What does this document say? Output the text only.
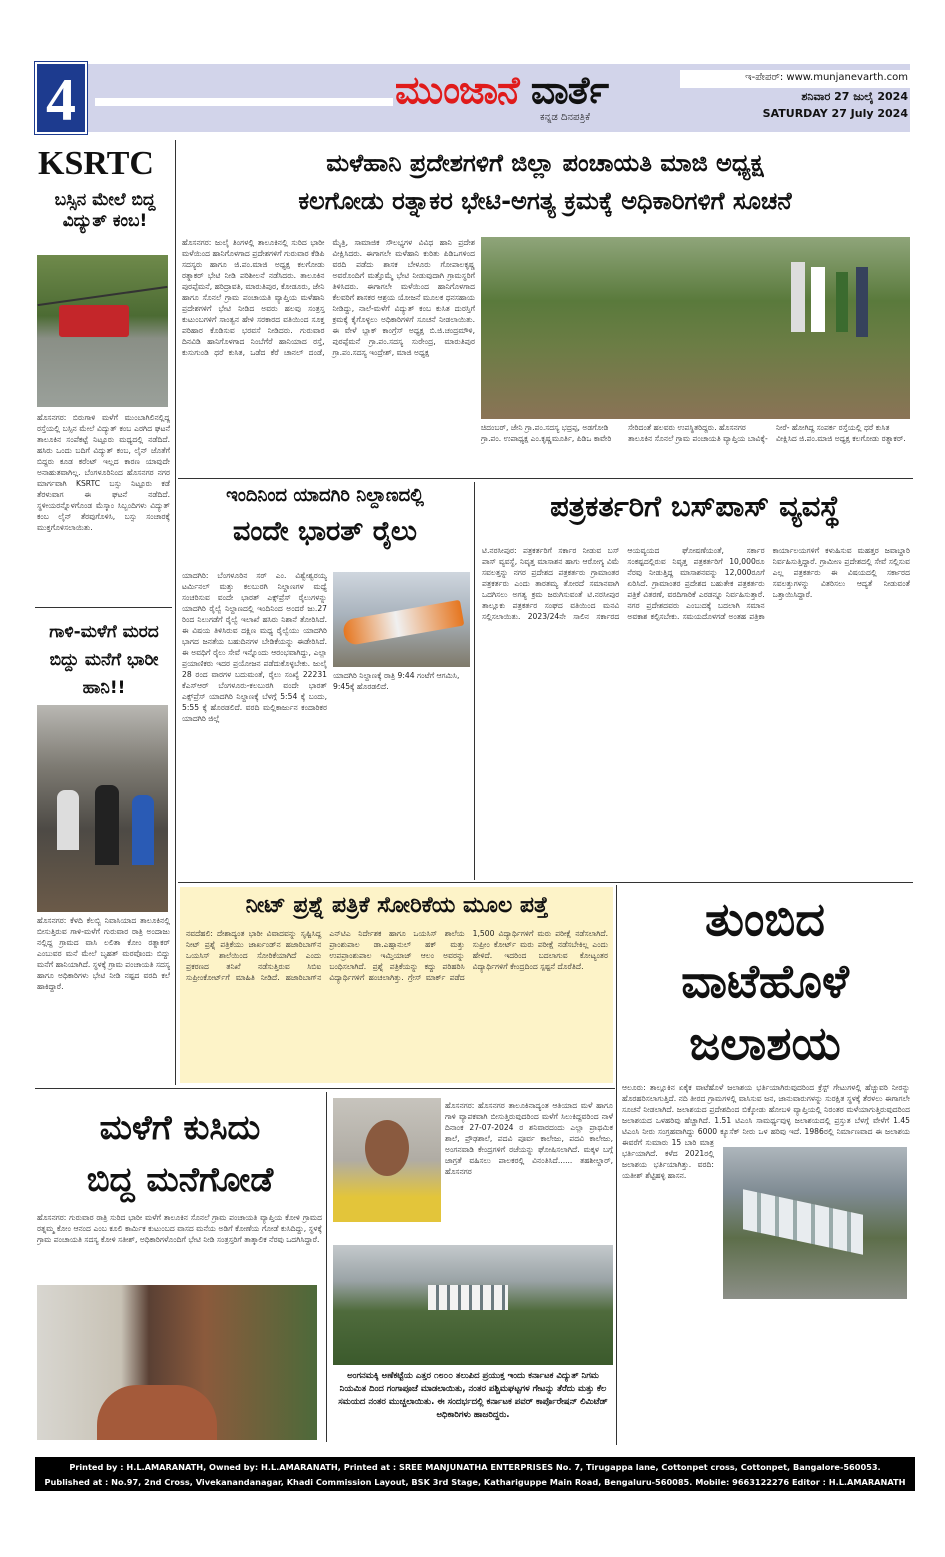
4	ಮುಂಜಾನೆ ವಾರ್ತೆ
ಕನ್ನಡ ದಿನಪತ್ರಿಕೆ
ಇ-ಪೇಪರ್: www.munjanevarth.com
ಶನಿವಾರ 27 ಜುಲೈ 2024
SATURDAY 27 July 2024
KSRTC
ಬಸ್ಸಿನ ಮೇಲೆ ಬಿದ್ದ ವಿದ್ಯುತ್ ಕಂಬ!
ಹೊಸನಗರ: ಬಿರುಗಾಳಿ ಮಳೆಗೆ ಮುಂಬಾಗಿಲಿನಲ್ಲಿದ್ದ ರಸ್ತೆಯಲ್ಲಿ ಬಸ್ಸಿನ ಮೇಲೆ ವಿದ್ಯುತ್ ಕಂಬ ಎರಗಿದ ಘಟನೆ ತಾಲೂಕಿನ ಸಂಪೆಕಟ್ಟೆ ನಿಟ್ಟೂರು ಮಧ್ಯದಲ್ಲಿ ನಡೆದಿದೆ. ಹಸಿರು ಒಂದು ಬದಿಗೆ ವಿದ್ಯುತ್ ಕಂಬ, ಲೈನ್ ಜೊತೆಗೆ ಬಿದ್ದರು ಕೂಡ ಕರೆಂಟ್ ಇಲ್ಲದ ಕಾರಣ ಯಾವುದೇ ಅನಾಹುತವಾಗಿಲ್ಲ. ಬೆಂಗಳೂರಿನಿಂದ ಹೊಸನಗರ ನಗರ ಮಾರ್ಗವಾಗಿ KSRTC ಬಸ್ಸು ನಿಟ್ಟೂರು ಕಡೆ ತೆರಳುವಾಗ ಈ ಘಟನೆ ನಡೆದಿದೆ. ಸ್ಥಳೀಯರನ್ನೊಳಗೊಂಡ ಮೆಸ್ಕಾಂ ಸಿಬ್ಬಂದಿಗಳು ವಿದ್ಯುತ್ ಕಂಬ ಲೈನ್ ತೆರವುಗೊಳಿಸಿ, ಬಸ್ಸು ಸಂಚಾರಕ್ಕೆ ಮುಕ್ತಗೊಳಿಸಲಾಯಿತು.
ಗಾಳಿ-ಮಳೆಗೆ ಮರದ ಬಿದ್ದು ಮನೆಗೆ ಭಾರೀ ಹಾನಿ!!
ಹೊಸನಗರ: ಕೆಳದಿ ಕೆಲಬ್ಬಿ ನಿವಾಸಿಯಾದ ತಾಲೂಕಿನಲ್ಲಿ ಬೀಸುತ್ತಿರುವ ಗಾಳಿ-ಮಳೆಗೆ ಗುರುವಾರ ರಾತ್ರಿ ಅಂದಾಜು ನಲ್ಲಿದ್ದ ಗ್ರಾಮದ ವಾಸಿ ಲಲಿತಾ ಕೋಂ ರತ್ನಾಕರ್ ಎಂಬುವರ ಮನೆ ಮೇಲೆ ಬೃಹತ್ ಮರವೊಂದು ಬಿದ್ದು ಮನೆಗೆ ಹಾನಿಯಾಗಿದೆ. ಸ್ಥಳಕ್ಕೆ ಗ್ರಾಮ ಪಂಚಾಯತಿ ಸದಸ್ಯ ಹಾಗೂ ಅಧಿಕಾರಿಗಳು ಭೇಟಿ ನೀಡಿ ನಷ್ಟದ ವರದಿ ಕಲೆ ಹಾಕಿದ್ದಾರೆ.
ಮಳೆಹಾನಿ ಪ್ರದೇಶಗಳಿಗೆ ಜಿಲ್ಲಾ ಪಂಚಾಯತಿ ಮಾಜಿ ಅಧ್ಯಕ್ಷ
ಕಲಗೋಡು ರತ್ನಾಕರ ಭೇಟಿ-ಅಗತ್ಯ ಕ್ರಮಕ್ಕೆ ಅಧಿಕಾರಿಗಳಿಗೆ ಸೂಚನೆ
ಹೊಸನಗರ: ಜುಲೈ ತಿಂಗಳಲ್ಲಿ ತಾಲೂಕಿನಲ್ಲಿ ಸುರಿದ ಭಾರೀ ಮಳೆಯಿಂದ ಹಾನಿಗೊಳಗಾದ ಪ್ರದೇಶಗಳಿಗೆ ಗುರುವಾರ ಕೆಡಿಪಿ ಸದಸ್ಯರು ಹಾಗೂ ಜಿ.ಪಂ.ಮಾಜಿ ಅಧ್ಯಕ್ಷ ಕಲಗೋಡು ರತ್ನಾಕರ್ ಭೇಟಿ ನೀಡಿ ಪರಿಶೀಲನೆ ನಡೆಸಿದರು. ತಾಲೂಕಿನ ಪುರಪ್ಪೆಮನೆ, ಹರಿದ್ರಾವತಿ, ಮಾರುತಿಪುರ, ಕೋಡೂರು, ಜೇನಿ ಹಾಗೂ ಸೊನಲೆ ಗ್ರಾಮ ಪಂಚಾಯತಿ ವ್ಯಾಪ್ತಿಯ ಮಳೆಹಾನಿ ಪ್ರದೇಶಗಳಿಗೆ ಭೇಟಿ ನೀಡಿದ ಅವರು ಹಲವು ಸಂತ್ರಸ್ತ ಕುಟುಂಬಗಳಿಗೆ ಸಾಂತ್ವನ ಹೇಳಿ ಸರಕಾರದ ವತಿಯಿಂದ ಸೂಕ್ತ ಪರಿಹಾರ ಕೊಡಿಸುವ ಭರವಸೆ ನೀಡಿದರು. ಗುರುವಾರ ದಿನವಿಡಿ ಹಾನಿಗೊಳಗಾದ ನಿಂಬೆಗೆರೆ ಹಾನಿಯಾದ ರಸ್ತೆ, ಕುಸುಗುಂಡಿ ಧರೆ ಕುಸಿತ, ಒಡೆದ ಕೆರೆ ಚಾನಲ್ ದಂಡೆ, ಮೈತ್ರಿ, ಸಾಮಾಜಿಕ ಸೌಲಭ್ಯಗಳ ವಿವಿಧ ಹಾನಿ ಪ್ರದೇಶ ವೀಕ್ಷಿಸಿದರು. ಈಗಾಗಲೇ ಮಳೆಹಾನಿ ಕುರಿತು ಪಿಡಿಒಗಳಿಂದ ವರದಿ ಪಡೆದು ಶಾಸಕ ಬೇಳೂರು ಗೋಪಾಲಕೃಷ್ಣ ಅವರೊಂದಿಗೆ ಮತ್ತೊಮ್ಮೆ ಭೇಟಿ ನೀಡುವುದಾಗಿ ಗ್ರಾಮಸ್ಥರಿಗೆ ತಿಳಿಸಿದರು. ಈಗಾಗಲೇ ಮಳೆಯಿಂದ ಹಾನಿಗೊಳಗಾದ ಕೆಲವರಿಗೆ ಶಾಸಕರ ಆಶ್ರಯ ಯೋಜನೆ ಮೂಲಕ ಧನಸಹಾಯ ನೀಡಿದ್ದು, ನಾಲೆ-ಮಳೆಗೆ ವಿದ್ಯುತ್ ಕಂಬ ಕುಸಿತ ದುರಸ್ತಿಗೆ ಕ್ರಮಕ್ಕೆ ಕೈಗೊಳ್ಳಲು ಅಧಿಕಾರಿಗಳಿಗೆ ಸೂಚನೆ ನೀಡಲಾಯಿತು. ಈ ವೇಳೆ ಬ್ಲಾಕ್ ಕಾಂಗ್ರೆಸ್ ಅಧ್ಯಕ್ಷ ಬಿ.ಜಿ.ಚಂದ್ರಮೌಳಿ, ಪುರಪ್ಪೆಮನೆ ಗ್ರಾ.ಪಂ.ಸದಸ್ಯ ಸುರೇಂದ್ರ, ಮಾರುತಿಪುರ ಗ್ರಾ.ಪಂ.ಸದಸ್ಯ ಇಂದ್ರೇಶ್, ಮಾಜಿ ಅಧ್ಯಕ್ಷ
ಚಿದಂಬರ್, ಜೇನಿ ಗ್ರಾ.ಪಂ.ಸದಸ್ಯ ಭದ್ರಪ್ಪ, ಅಡಗೋಡಿ ಗ್ರಾ.ಪಂ. ಉಪಾಧ್ಯಕ್ಷ ಎಂ.ಕೃಷ್ಣಮೂರ್ತಿ, ಪಿಡಿಒ ಕಾವೇರಿ
ಸೇರಿದಂತೆ ಹಲವರು ಉಪಸ್ಥಿತರಿದ್ದರು. ಹೊಸನಗರ ತಾಲೂಕಿನ ಸೊನಲೆ ಗ್ರಾಮ ಪಂಚಾಯತಿ ವ್ಯಾಪ್ತಿಯ ಬಾವಿಕ್ಕೆ-
ನೀರೆ- ಹೋಗಿದ್ದ ಸಂಪರ್ಕ ರಸ್ತೆಯಲ್ಲಿ ಧರೆ ಕುಸಿತ ವೀಕ್ಷಿಸಿದ ಜಿ.ಪಂ.ಮಾಜಿ ಅಧ್ಯಕ್ಷ ಕಲಗೋಡು ರತ್ನಾಕರ್.
ಇಂದಿನಿಂದ ಯಾದಗಿರಿ ನಿಲ್ದಾಣದಲ್ಲಿ
ವಂದೇ ಭಾರತ್ ರೈಲು
ಯಾದಗಿರಿ: ಬೆಂಗಳೂರಿನ ಸರ್ ಎಂ. ವಿಶ್ವೇಶ್ವರಯ್ಯ ಟರ್ಮಿನಲ್ ಮತ್ತು ಕಲಬುರಗಿ ನಿಲ್ದಾಣಗಳ ಮಧ್ಯೆ ಸಂಚರಿಸುವ ವಂದೇ ಭಾರತ್ ಎಕ್ಸ್‌ಪ್ರೆಸ್ ರೈಲುಗಳನ್ನು ಯಾದಗಿರಿ ರೈಲ್ವೆ ನಿಲ್ದಾಣದಲ್ಲಿ ಇಂದಿನಿಂದ ಅಂದರೆ ಜು.27 ರಿಂದ ನಿಲುಗಡೆಗೆ ರೈಲ್ವೆ ಇಲಾಖೆ ಹಸಿರು ನಿಶಾನೆ ತೋರಿಸಿದೆ. ಈ ವಿಷಯ ತಿಳಿಸಿರುವ ದಕ್ಷಿಣ ಮಧ್ಯ ರೈಲ್ವೆಯು ಯಾದಗಿರಿ ಭಾಗದ ಜನತೆಯ ಬಹುದಿನಗಳ ಬೇಡಿಕೆಯನ್ನು ಈಡೇರಿಸಿದೆ. ಈ ಅವಧಿಗೆ ರೈಲು ಸೇವೆ ಇನ್ನೊಂದು ಆರಂಭವಾಗಿದ್ದು, ಎಲ್ಲಾ ಪ್ರಯಾಣಿಕರು ಇದರ ಪ್ರಯೋಜನ ಪಡೆದುಕೊಳ್ಳಬೇಕು. ಜುಲೈ 28 ರಂದ ವಾರಗಳ ಬದುಮಂತೆ, ರೈಲು ಸಂಖ್ಯೆ 22231 ಕೆಎಸ್‌ಆರ್ ಬೆಂಗಳೂರು-ಕಲಬುರಗಿ ವಂದೇ ಭಾರತ್ ಎಕ್ಸ್‌ಪ್ರೆಸ್ ಯಾದಗಿರಿ ನಿಲ್ದಾಣಕ್ಕೆ ಬೆಳಗ್ಗೆ 5:54 ಕ್ಕೆ ಬಂದು, 5:55 ಕ್ಕೆ ಹೊರಡಲಿದೆ. ವರದಿ ಮಲ್ಲಿಕಾರ್ಜುನ ಕಂದಾರಿಕರ ಯಾದಗಿರಿ ಜಿಲ್ಲೆ
ಯಾದಗಿರಿ ನಿಲ್ದಾಣಕ್ಕೆ ರಾತ್ರಿ 9:44 ಗಂಟೆಗೆ ಆಗಮಿಸಿ, 9:45ಕ್ಕೆ ಹೊರಡಲಿದೆ.
ಪತ್ರಕರ್ತರಿಗೆ ಬಸ್‌ಪಾಸ್ ವ್ಯವಸ್ಥೆ
ಟಿ.ನರಸೀಪುರ: ಪತ್ರಕರ್ತರಿಗೆ ಸರ್ಕಾರ ನೀಡುವ ಬಸ್ ಪಾಸ್ ವ್ಯವಸ್ಥೆ, ನಿವೃತ್ತ ಮಾಸಾಶನ ಹಾಗು ಆರೋಗ್ಯ ವಿಮೆ ಸವಲತ್ತನ್ನು ನಗರ ಪ್ರದೇಶದ ಪತ್ರಕರ್ತರು ಗ್ರಾಮಾಂತರ ಪತ್ರಕರ್ತರು ಎಂದು ತಾರತಮ್ಯ ತೋರದೆ ಸಮಾನವಾಗಿ ಒದಗಿಸಲು ಅಗತ್ಯ ಕ್ರಮ ಜರುಗಿಸುವಂತೆ ಟಿ.ನರಸೀಪುರ ತಾಲ್ಲೂಕು ಪತ್ರಕರ್ತರ ಸಂಘದ ವತಿಯಿಂದ ಮನವಿ ಸಲ್ಲಿಸಲಾಯಿತು. 2023/24ನೇ ಸಾಲಿನ ಸರ್ಕಾರದ ಆಯವ್ಯಯದ ಘೋಷಣೆಯಂತೆ, ಸರ್ಕಾರ ಸಂಕಷ್ಟದಲ್ಲಿರುವ ನಿವೃತ್ತ ಪತ್ರಕರ್ತರಿಗೆ 10,000ರೂ ನೆರವು ನೀಡುತ್ತಿದ್ದ ಮಾಸಾಶನವನ್ನು 12,000ರೂಗೆ ಏರಿಸಿದೆ. ಗ್ರಾಮಾಂತರ ಪ್ರದೇಶದ ಬಹುತೇಕ ಪತ್ರಕರ್ತರು ಪತ್ರಿಕೆ ವಿತರಣೆ, ವರದಿಗಾರಿಕೆ ಎರಡನ್ನೂ ನಿರ್ವಹಿಸುತ್ತಾರೆ. ನಗರ ಪ್ರದೇಶದವರು ಎಂಬುದಕ್ಕೆ ಬದಲಾಗಿ ಸಮಾನ ಅವಕಾಶ ಕಲ್ಪಿಸಬೇಕು. ಸಮಯದೊಳಗಡೆ ಅಂತಹ ಪತ್ರಿಕಾ ಕಾರ್ಯಾಲಯಗಳಿಗೆ ಕಳುಹಿಸುವ ಮಹತ್ತರ ಜವಾಬ್ದಾರಿ ನಿರ್ವಹಿಸುತ್ತಿದ್ದಾರೆ. ಗ್ರಾಮೀಣ ಪ್ರದೇಶದಲ್ಲಿ ಸೇವೆ ಸಲ್ಲಿಸುವ ಎಲ್ಲ ಪತ್ರಕರ್ತರು ಈ ವಿಷಯದಲ್ಲಿ ಸರ್ಕಾರದ ಸವಲತ್ತುಗಳನ್ನು ವಿತರಿಸಲು ಆದ್ಯತೆ ನೀಡುವಂತೆ ಒತ್ತಾಯಿಸಿದ್ದಾರೆ.
ನೀಟ್ ಪ್ರಶ್ನೆ ಪತ್ರಿಕೆ ಸೋರಿಕೆಯ ಮೂಲ ಪತ್ತೆ
ನವದೆಹಲಿ: ದೇಶಾದ್ಯಂತ ಭಾರೀ ವಿವಾದವನ್ನು ಸೃಷ್ಟಿಸಿದ್ದ ನೀಟ್ ಪ್ರಶ್ನೆ ಪತ್ರಿಕೆಯು ಜಾರ್ಖಂಡ್‌ನ ಹಜಾರಿಬಾಗ್‌ನ ಒಯಸಿಸ್ ಶಾಲೆಯಿಂದ ಸೋರಿಕೆಯಾಗಿದೆ ಎಂದು ಪ್ರಕರಣದ ತನಿಖೆ ನಡೆಸುತ್ತಿರುವ ಸಿಬಿಐ ಸುಪ್ರೀಂಕೋರ್ಟ್‌ಗೆ ಮಾಹಿತಿ ನೀಡಿದೆ. ಹಜಾರಿಬಾಗ್‌ನ ಎನ್‌ಟಿಎ ನಿರ್ದೇಶಕ ಹಾಗೂ ಒಯಸಿಸ್ ಶಾಲೆಯ ಪ್ರಾಂಶುಪಾಲ ಡಾ.ಎಹ್ಸಾನುಲ್ ಹಕ್ ಮತ್ತು ಉಪಪ್ರಾಂಶುಪಾಲ ಇಮ್ತಿಯಾಜ್ ಆಲಂ ಅವರನ್ನು ಬಂಧಿಸಲಾಗಿದೆ. ಪ್ರಶ್ನೆ ಪತ್ರಿಕೆಯನ್ನು ಕದ್ದು ಪರಿಹರಿಸಿ ವಿದ್ಯಾರ್ಥಿಗಳಿಗೆ ಹಂಚಲಾಗಿತ್ತು. ಗ್ರೇಸ್ ಮಾರ್ಕ್ ಪಡೆದ 1,500 ವಿದ್ಯಾರ್ಥಿಗಳಿಗೆ ಮರು ಪರೀಕ್ಷೆ ನಡೆಸಲಾಗಿದೆ. ಸುಪ್ರೀಂ ಕೋರ್ಟ್ ಮರು ಪರೀಕ್ಷೆ ನಡೆಸಬೇಕಿಲ್ಲ ಎಂದು ಹೇಳಿದೆ. ಇದರಿಂದ ಬದಲಾಗುವ ಕೋಟ್ಯಂತರ ವಿದ್ಯಾರ್ಥಿಗಳಿಗೆ ಕೇಂದ್ರದಿಂದ ಸ್ಪಷ್ಟನೆ ದೊರೆತಿದೆ.
ತುಂಬಿದ
ವಾಟೆಹೊಳೆ
ಜಲಾಶಯ
ಆಲೂರು: ತಾಲ್ಲೂಕಿನ ಏಕೈಕ ವಾಟೆಹೊಳೆ ಜಲಾಶಯ ಭರ್ತಿಯಾಗಿರುವುದರಿಂದ ಕ್ರೆಸ್ಟ್ ಗೇಟುಗಳಲ್ಲಿ ಹೆಚ್ಚುವರಿ ನೀರನ್ನು ಹೊರಹರಿಸಲಾಗುತ್ತಿದೆ. ನದಿ ತೀರದ ಗ್ರಾಮಗಳಲ್ಲಿ ವಾಸಿಸುವ ಜನ, ಜಾನುವಾರುಗಳನ್ನು ಸುರಕ್ಷಿತ ಸ್ಥಳಕ್ಕೆ ತೆರಳಲು ಈಗಾಗಲೇ ಸೂಚನೆ ನೀಡಲಾಗಿದೆ. ಜಲಾಶಯದ ಪ್ರದೇಶದಿಂದ ಬಿಕ್ಕೋಡು ಹೋಬಳಿ ವ್ಯಾಪ್ತಿಯಲ್ಲಿ ನಿರಂತರ ಮಳೆಯಾಗುತ್ತಿರುವುದರಿಂದ ಜಲಾಶಯದ ಒಳಹರಿವು ಹೆಚ್ಚಾಗಿದೆ. 1.51 ಟಿಎಂಸಿ ಸಾಮರ್ಥ್ಯವುಳ್ಳ ಜಲಾಶಯದಲ್ಲಿ ಪ್ರಸ್ತುತ ಬೆಳಗ್ಗೆ ವೇಳೆಗೆ 1.45 ಟಿಎಂಸಿ ನೀರು ಸಂಗ್ರಹವಾಗಿದ್ದು 6000 ಕ್ಯೂಸೆಕ್ ನೀರು ಒಳ ಹರಿವು ಇದೆ. 1986ರಲ್ಲಿ ನಿರ್ಮಾಣವಾದ ಈ ಜಲಾಶಯ ಈವರೆಗೆ ಸುಮಾರು 15 ಬಾರಿ ಮಾತ್ರ ಭರ್ತಿಯಾಗಿದೆ. ಕಳೆದ 2021ರಲ್ಲಿ ಜಲಾಶಯ ಭರ್ತಿಯಾಗಿತ್ತು. ವರದಿ: ಯತೀಶ್ ಶೆಟ್ಟಿಹಳ್ಳಿ ಹಾಸನ.
ಮಳೆಗೆ ಕುಸಿದು
ಬಿದ್ದ ಮನೆಗೋಡೆ
ಹೊಸನಗರ: ಗುರುವಾರ ರಾತ್ರಿ ಸುರಿದ ಭಾರೀ ಮಳೆಗೆ ತಾಲೂಕಿನ ಸೊನಲೆ ಗ್ರಾಮ ಪಂಚಾಯತಿ ವ್ಯಾಪ್ತಿಯ ಕೋಳಿ ಗ್ರಾಮದ ರತ್ನಮ್ಮ ಕೋಂ ಆನಂದ ಎಂಬ ಕೂಲಿ ಕಾರ್ಮಿಕ ಕುಟುಂಬದ ವಾಸದ ಮನೆಯ ಅಡಿಗೆ ಕೋಣೆಯ ಗೋಡೆ ಕುಸಿದಿದ್ದು, ಸ್ಥಳಕ್ಕೆ ಗ್ರಾಮ ಪಂಚಾಯತಿ ಸದಸ್ಯ ಕೋಳಿ ಸತೀಶ್, ಅಧಿಕಾರಿಗಳೊಂದಿಗೆ ಭೇಟಿ ನೀಡಿ ಸಂತ್ರಸ್ತರಿಗೆ ತಾತ್ಕಾಲಿಕ ನೆರವು ಒದಗಿಸಿದ್ದಾರೆ.
ಹೊಸನಗರ: ಹೊಸನಗರ ತಾಲೂಕಿನಾದ್ಯಂತ ಆತಿಯಾದ ಮಳೆ ಹಾಗೂ ಗಾಳಿ ವ್ಯಾಪಕವಾಗಿ ಬೀಸುತ್ತಿರುವುದರಿಂದ ಮಳೆಗೆ ಸಿಲುಕಿದ್ದವರಿಂದ ನಾಳೆ ದಿನಾಂಕ 27-07-2024 ರ ಶನಿವಾರದಂದು ಎಲ್ಲಾ ಪ್ರಾಥಮಿಕ ಶಾಲೆ, ಪ್ರೌಢಶಾಲೆ, ಪದವಿ ಪೂರ್ವ ಕಾಲೇಜು, ಪದವಿ ಕಾಲೇಜು, ಅಂಗನವಾಡಿ ಕೇಂದ್ರಗಳಿಗೆ ರಜೆಯನ್ನು ಘೋಷಿಸಲಾಗಿದೆ. ಮಕ್ಕಳ ಬಗ್ಗೆ ಜಾಗ್ರತೆ ವಹಿಸಲು ಪಾಲಕರಲ್ಲಿ ವಿನಂತಿಸಿದೆ...... ತಹಶೀಲ್ದಾರ್, ಹೊಸನಗರ
ಅಂಗನಮಕ್ಕಿ ಅಣೆಕಟ್ಟೆಯ ಎತ್ತರ ೧೮೦೦ ತಲುಪಿದ ಪ್ರಯುಕ್ತ ಇಂದು ಕರ್ನಾಟಕ ವಿದ್ಯುತ್ ನಿಗಮ ನಿಯಮಿತ ದಿಂದ ಗಂಗಾಪೂಜೆ ಮಾಡಲಾಯಿತು, ನಂತರ ಪಶ್ಚಿಮಘಟ್ಟಗಳ ಗೇಟನ್ನು ತೆರೆದು ಮತ್ತು ಕೆಲ ಸಮಯದ ನಂತರ ಮುಚ್ಚಲಾಯಿತು. ಈ ಸಂದರ್ಭದಲ್ಲಿ ಕರ್ನಾಟಕ ಪವರ್ ಕಾರ್ಪೊರೇಷನ್ ಲಿಮಿಟೆಡ್ ಅಧಿಕಾರಿಗಳು ಹಾಜರಿದ್ದರು.
Printed by : H.L.AMARANATH, Owned by: H.L.AMARANATH, Printed at : SREE MANJUNATHA ENTERPRISES No. 7, Tirugappa lane, Cottonpet cross, Cottonpet, Bangalore-560053.
Published at : No.97, 2nd Cross, Vivekanandanagar, Khadi Commission Layout, BSK 3rd Stage, Kathariguppe Main Road, Bengaluru-560085. Mobile: 9663122276 Editor : H.L.AMARANATH
